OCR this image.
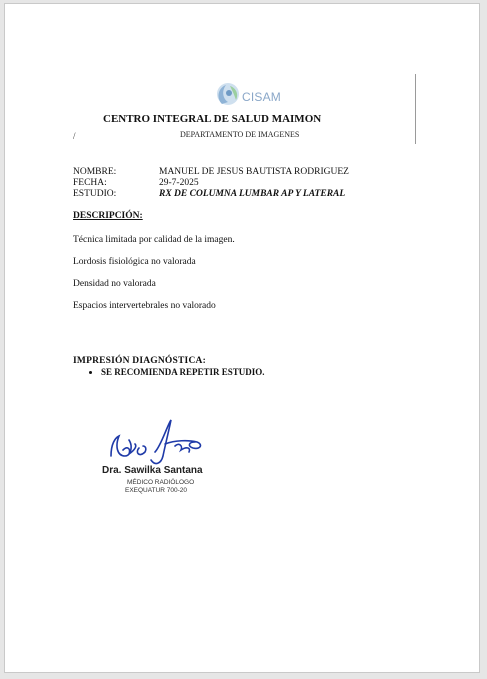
CISAM
CENTRO INTEGRAL DE SALUD MAIMON
/	DEPARTAMENTO DE IMAGENES
NOMBRE:	MANUEL DE JESUS BAUTISTA RODRIGUEZ
FECHA:	29-7-2025
ESTUDIO:	RX DE COLUMNA LUMBAR AP Y LATERAL
DESCRIPCIÓN:
Técnica limitada por calidad de la imagen.
Lordosis fisiológica no valorada
Densidad no valorada
Espacios intervertebrales no valorado
IMPRESIÓN DIAGNÓSTICA:
• SE RECOMIENDA REPETIR ESTUDIO.
Dra. Sawilka Santana
MÉDICO RADIÓLOGO
EXEQUATUR 700-20
